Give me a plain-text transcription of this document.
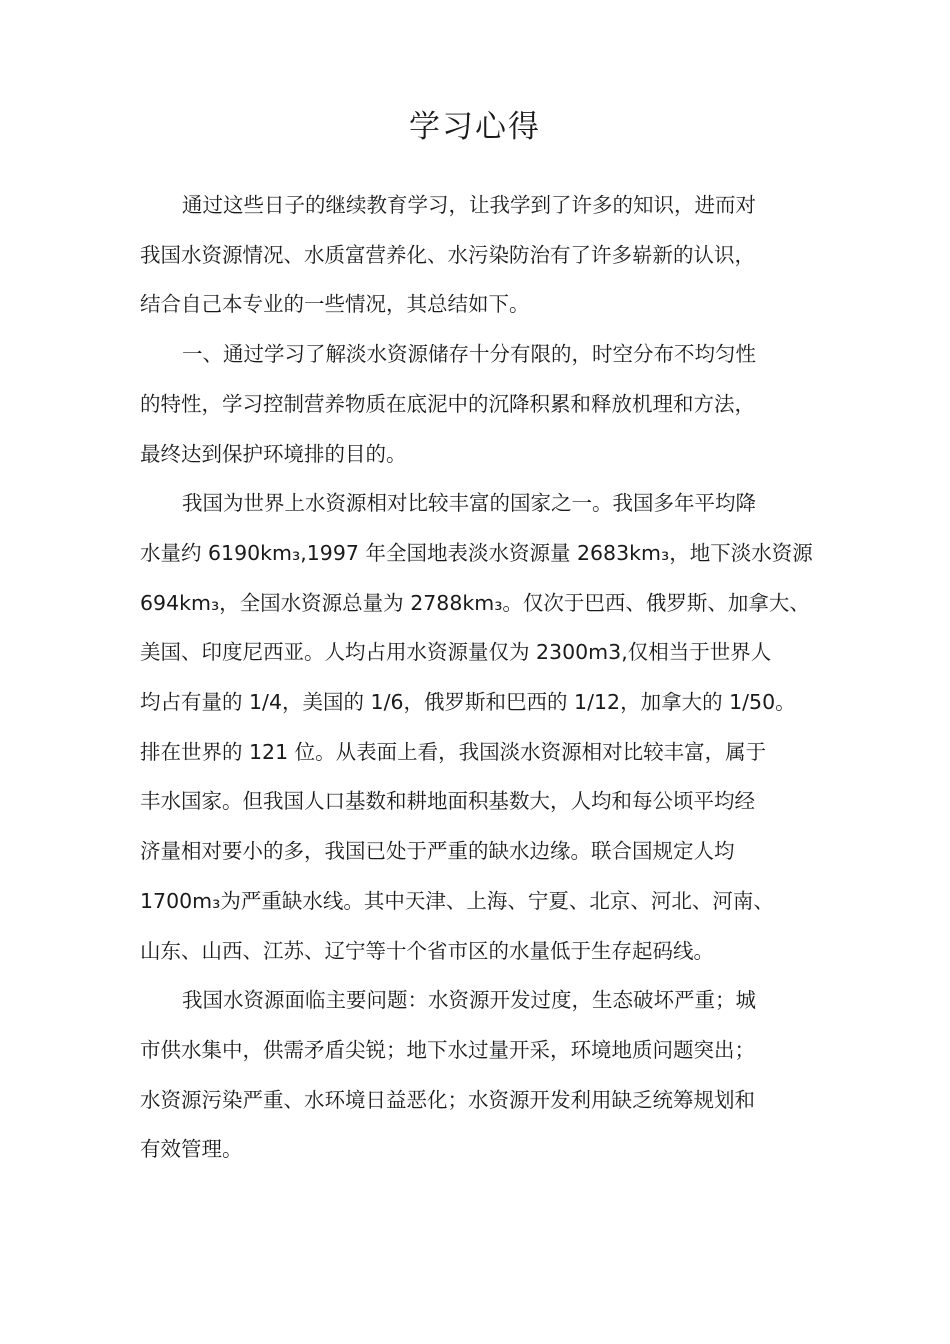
学习心得

通过这些日子的继续教育学习，让我学到了许多的知识，进而对
我国水资源情况、水质富营养化、水污染防治有了许多崭新的认识，
结合自己本专业的一些情况，其总结如下。

一、通过学习了解淡水资源储存十分有限的，时空分布不均匀性
的特性，学习控制营养物质在底泥中的沉降积累和释放机理和方法，
最终达到保护环境排的目的。

我国为世界上水资源相对比较丰富的国家之一。我国多年平均降
水量约 6190km₃,1997 年全国地表淡水资源量 2683km₃，地下淡水资源
694km₃，全国水资源总量为 2788km₃。仅次于巴西、俄罗斯、加拿大、
美国、印度尼西亚。人均占用水资源量仅为 2300m3,仅相当于世界人
均占有量的 1/4，美国的 1/6，俄罗斯和巴西的 1/12，加拿大的 1/50。
排在世界的 121 位。从表面上看，我国淡水资源相对比较丰富，属于
丰水国家。但我国人口基数和耕地面积基数大，人均和每公顷平均经
济量相对要小的多，我国已处于严重的缺水边缘。联合国规定人均
1700m₃为严重缺水线。其中天津、上海、宁夏、北京、河北、河南、
山东、山西、江苏、辽宁等十个省市区的水量低于生存起码线。

我国水资源面临主要问题：水资源开发过度，生态破坏严重；城
市供水集中，供需矛盾尖锐；地下水过量开采，环境地质问题突出；
水资源污染严重、水环境日益恶化；水资源开发利用缺乏统筹规划和
有效管理。
